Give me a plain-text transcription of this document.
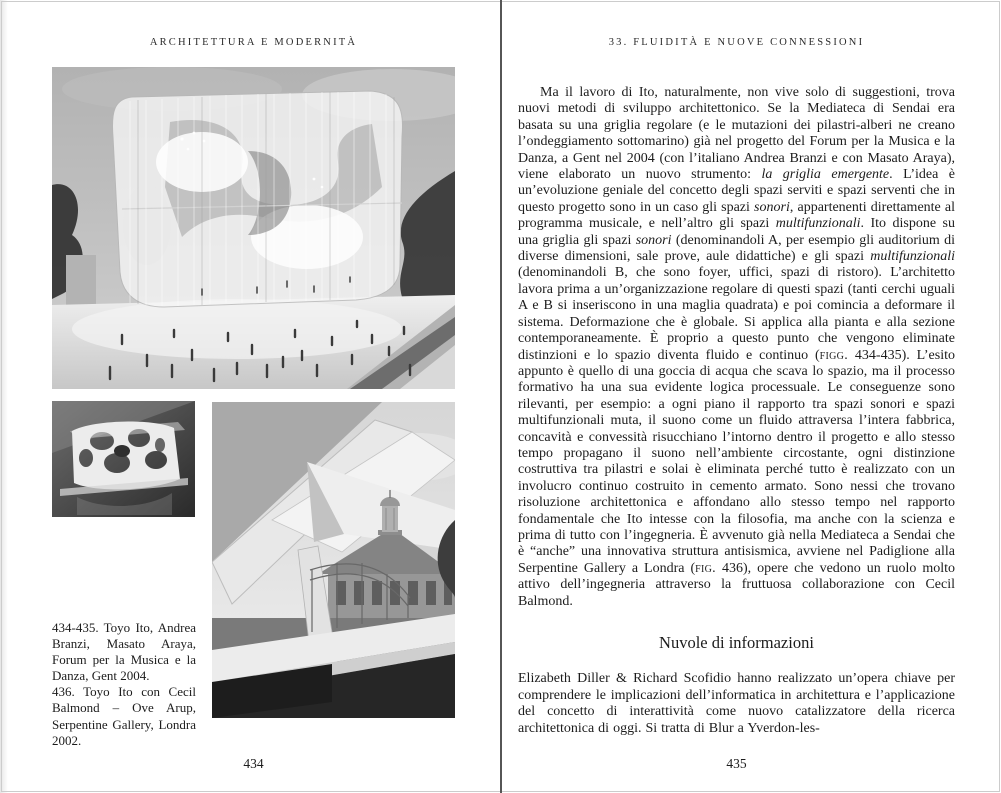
ARCHITETTURA E MODERNITÀ

434-435. Toyo Ito, Andrea Branzi, Masato Araya, Forum per la Musica e la Danza, Gent 2004.

436. Toyo Ito con Cecil Balmond – Ove Arup, Serpentine Gallery, Londra 2002.

434
33. FLUIDITÀ E NUOVE CONNESSIONI

Ma il lavoro di Ito, naturalmente, non vive solo di suggestioni, trova nuovi metodi di sviluppo architettonico. Se la Mediateca di Sendai era basata su una griglia regolare (e le mutazioni dei pilastri-alberi ne creano l’ondeggiamento sottomarino) già nel progetto del Forum per la Musica e la Danza, a Gent nel 2004 (con l’italiano Andrea Branzi e con Masato Araya), viene elaborato un nuovo strumento: la griglia emergente. L’idea è un’evoluzione geniale del concetto degli spazi serviti e spazi serventi che in questo progetto sono in un caso gli spazi sonori, appartenenti direttamente al programma musicale, e nell’altro gli spazi multifunzionali. Ito dispone su una griglia gli spazi sonori (denominandoli A, per esempio gli auditorium di diverse dimensioni, sale prove, aule didattiche) e gli spazi multifunzionali (denominandoli B, che sono foyer, uffici, spazi di ristoro). L’architetto lavora prima a un’organizzazione regolare di questi spazi (tanti cerchi uguali A e B si inseriscono in una maglia quadrata) e poi comincia a deformare il sistema. Deformazione che è globale. Si applica alla pianta e alla sezione contemporaneamente. È proprio a questo punto che vengono eliminate distinzioni e lo spazio diventa fluido e continuo (figg. 434-435). L’esito appunto è quello di una goccia di acqua che scava lo spazio, ma il processo formativo ha una sua evidente logica processuale. Le conseguenze sono rilevanti, per esempio: a ogni piano il rapporto tra spazi sonori e spazi multifunzionali muta, il suono come un fluido attraversa l’intera fabbrica, concavità e convessità risucchiano l’intorno dentro il progetto e allo stesso tempo propagano il suono nell’ambiente circostante, ogni distinzione costruttiva tra pilastri e solai è eliminata perché tutto è realizzato con un involucro continuo costruito in cemento armato. Sono nessi che trovano risoluzione architettonica e affondano allo stesso tempo nel rapporto fondamentale che Ito intesse con la filosofia, ma anche con la scienza e prima di tutto con l’ingegneria. È avvenuto già nella Mediateca a Sendai che è “anche” una innovativa struttura antisismica, avviene nel Padiglione alla Serpentine Gallery a Londra (fig. 436), opere che vedono un ruolo molto attivo dell’ingegneria attraverso la fruttuosa collaborazione con Cecil Balmond.

Nuvole di informazioni

Elizabeth Diller & Richard Scofidio hanno realizzato un’opera chiave per comprendere le implicazioni dell’informatica in architettura e l’applicazione del concetto di interattività come nuovo catalizzatore della ricerca architettonica di oggi. Si tratta di Blur a Yverdon-les-

435
